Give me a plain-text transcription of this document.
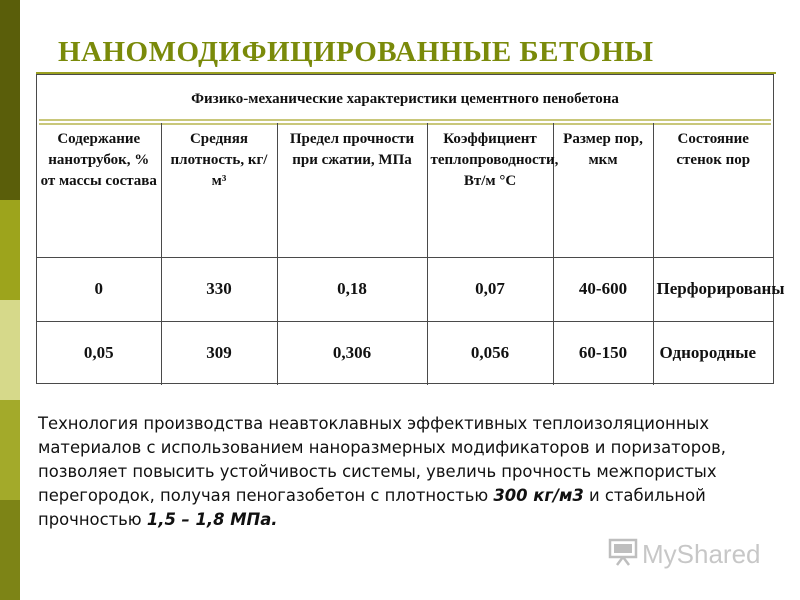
НАНОМОДИФИЦИРОВАННЫЕ БЕТОНЫ
Физико-механические характеристики цементного пенобетона
Содержание нанотрубок, % от массы состава	Средняя плотность, кг/м³	Предел прочности при сжатии, МПа	Коэффициент теплопроводности, Вт/м °С	Размер пор, мкм	Состояние стенок пор
0	330	0,18	0,07	40-600	Перфорированы
0,05	309	0,306	0,056	60-150	Однородные

Технология производства неавтоклавных эффективных теплоизоляционных материалов с использованием наноразмерных модификаторов и поризаторов, позволяет повысить устойчивость системы, увеличь прочность межпористых перегородок, получая пеногазобетон с плотностью 300 кг/м3 и стабильной прочностью 1,5 – 1,8 МПа.

MyShared
